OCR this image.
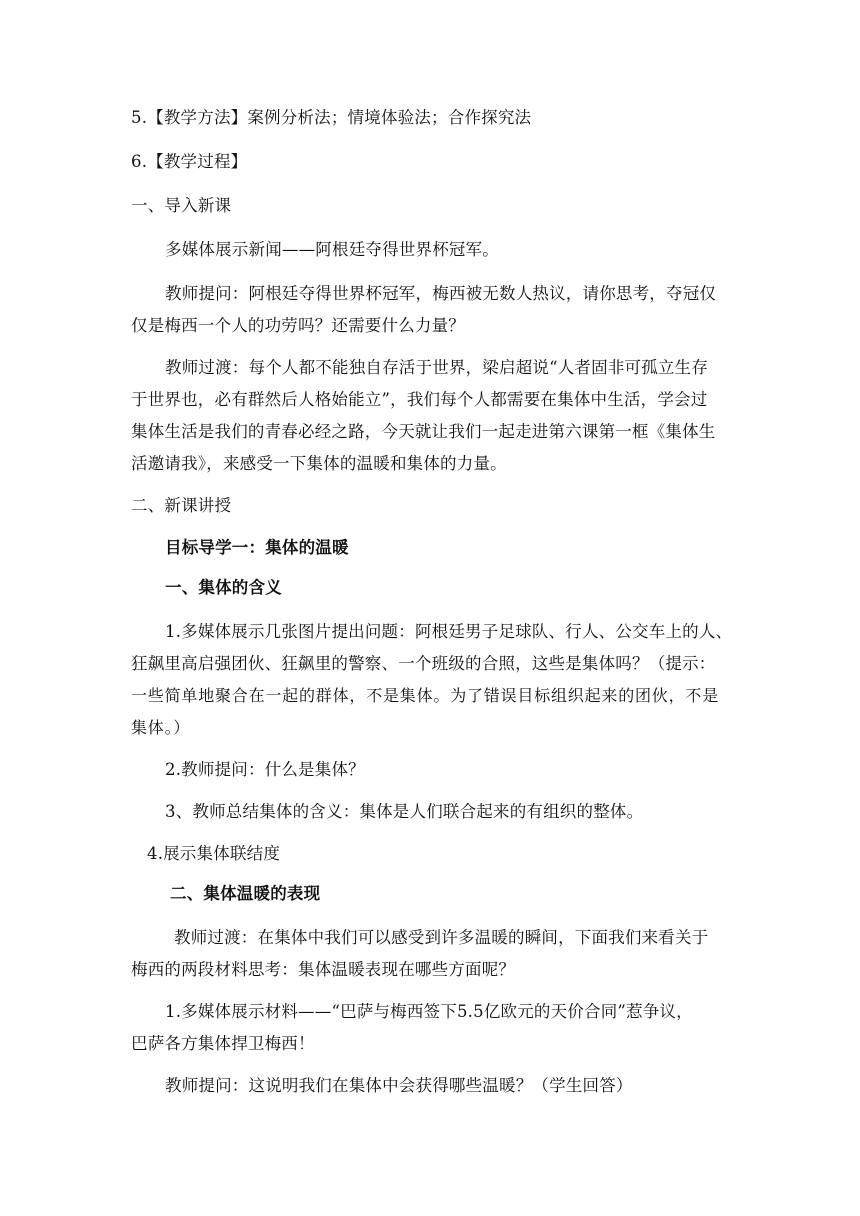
5.【教学方法】案例分析法；情境体验法；合作探究法
6.【教学过程】
一、导入新课
多媒体展示新闻——阿根廷夺得世界杯冠军。
教师提问：阿根廷夺得世界杯冠军，梅西被无数人热议，请你思考，夺冠仅
仅是梅西一个人的功劳吗？还需要什么力量？
教师过渡：每个人都不能独自存活于世界，梁启超说“人者固非可孤立生存
于世界也，必有群然后人格始能立”，我们每个人都需要在集体中生活，学会过
集体生活是我们的青春必经之路，今天就让我们一起走进第六课第一框《集体生
活邀请我》，来感受一下集体的温暖和集体的力量。
二、新课讲授
目标导学一：集体的温暖
一、集体的含义
1.多媒体展示几张图片提出问题：阿根廷男子足球队、行人、公交车上的人、
狂飙里高启强团伙、狂飙里的警察、一个班级的合照，这些是集体吗？（提示：
一些简单地聚合在一起的群体，不是集体。为了错误目标组织起来的团伙，不是
集体。）
2.教师提问：什么是集体？
3、教师总结集体的含义：集体是人们联合起来的有组织的整体。
4.展示集体联结度
二、集体温暖的表现
教师过渡：在集体中我们可以感受到许多温暖的瞬间，下面我们来看关于
梅西的两段材料思考：集体温暖表现在哪些方面呢？
1.多媒体展示材料——“巴萨与梅西签下5.5亿欧元的天价合同”惹争议，
巴萨各方集体捍卫梅西！
教师提问：这说明我们在集体中会获得哪些温暖？（学生回答）
